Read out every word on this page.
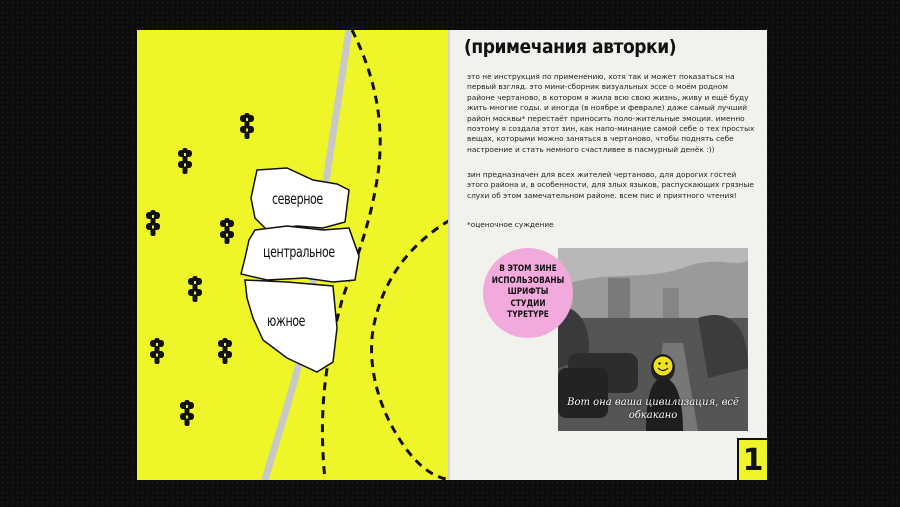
северное
центральное
южное
(примечания авторки)

это не инструкция по применению, хотя так и может показаться на первый взгляд. это мини-сборник визуальных эссе о моём родном районе чертаново, в котором я жила всю свою жизнь, живу и ещё буду жить многие годы. и иногда (в ноябре и феврале) даже самый лучший район москвы* перестаёт приносить поло-жительные эмоции. именно поэтому я создала этот зин, как напо-минание самой себе о тех простых вещах, которыми можно заняться в чертаново, чтобы поднять себе настроение и стать немного счастливее в пасмурный денёк :))

зин предназначен для всех жителей чертаново, для дорогих гостей этого района и, в особенности, для злых языков, распускающих грязные слухи об этом замечательном районе. всем пис и приятного чтения!

*оценочное суждение

Вот она ваша цивилизация, всё обкакано
В ЭТОМ ЗИНЕ ИСПОЛЬЗОВАНЫ ШРИФТЫ СТУДИИ TYPETYPE
1
